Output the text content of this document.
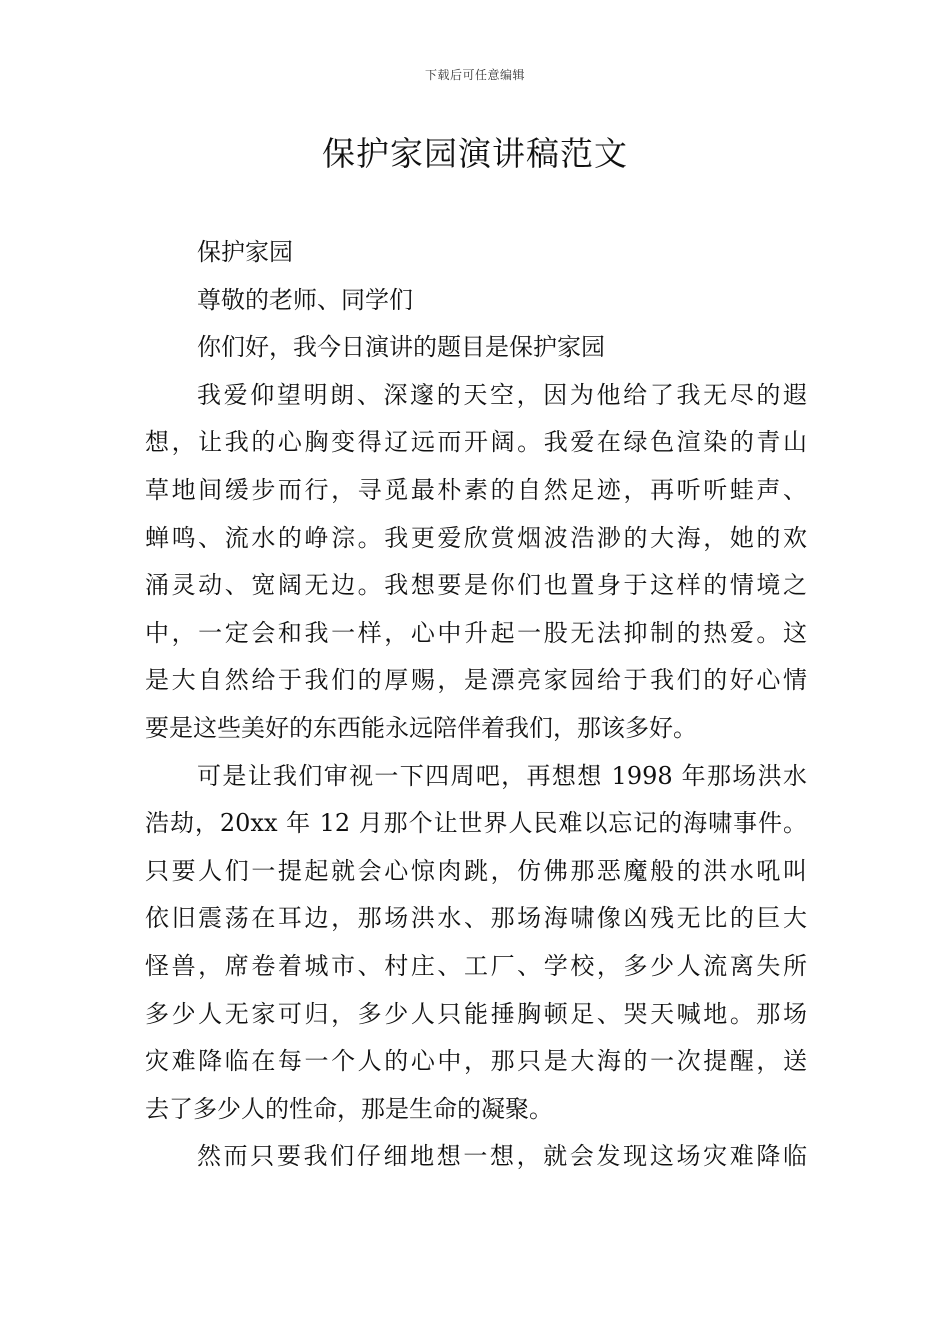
下载后可任意编辑
保护家园演讲稿范文
保护家园
尊敬的老师、同学们
你们好，我今日演讲的题目是保护家园
我爱仰望明朗、深邃的天空，因为他给了我无尽的遐
想，让我的心胸变得辽远而开阔。我爱在绿色渲染的青山
草地间缓步而行，寻觅最朴素的自然足迹，再听听蛙声、
蝉鸣、流水的峥淙。我更爱欣赏烟波浩渺的大海，她的欢
涌灵动、宽阔无边。我想要是你们也置身于这样的情境之
中，一定会和我一样，心中升起一股无法抑制的热爱。这
是大自然给于我们的厚赐，是漂亮家园给于我们的好心情
要是这些美好的东西能永远陪伴着我们，那该多好。
可是让我们审视一下四周吧，再想想 1998 年那场洪水
浩劫，20xx 年 12 月那个让世界人民难以忘记的海啸事件。
只要人们一提起就会心惊肉跳，仿佛那恶魔般的洪水吼叫
依旧震荡在耳边，那场洪水、那场海啸像凶残无比的巨大
怪兽，席卷着城市、村庄、工厂、学校，多少人流离失所
多少人无家可归，多少人只能捶胸顿足、哭天喊地。那场
灾难降临在每一个人的心中，那只是大海的一次提醒，送
去了多少人的性命，那是生命的凝聚。
然而只要我们仔细地想一想，就会发现这场灾难降临
